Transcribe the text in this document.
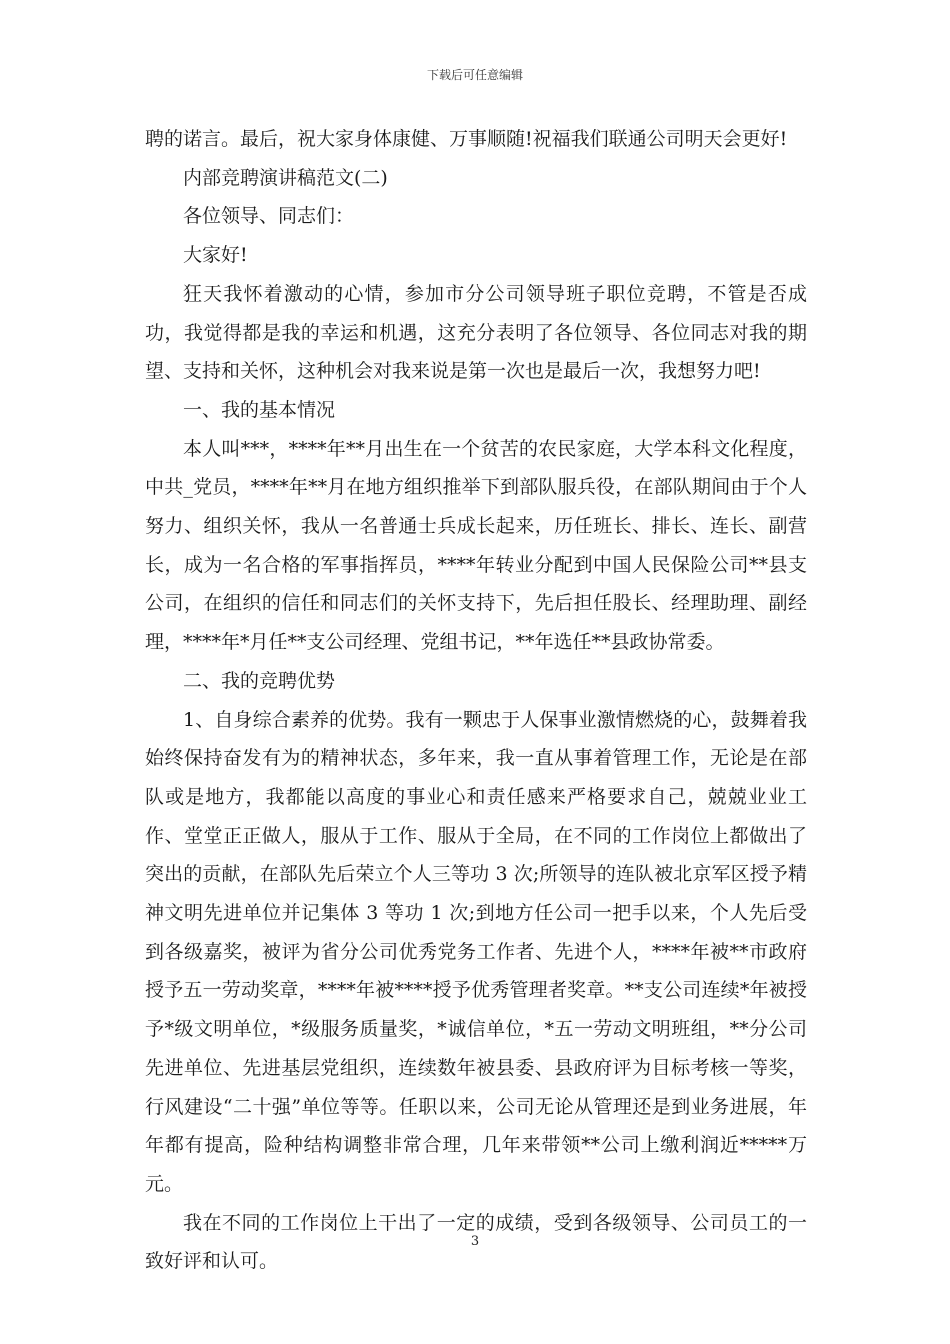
下载后可任意编辑

聘的诺言。最后，祝大家身体康健、万事顺随!祝福我们联通公司明天会更好!

内部竞聘演讲稿范文(二)

各位领导、同志们：

大家好!

狂天我怀着激动的心情，参加市分公司领导班子职位竞聘，不管是否成功，我觉得都是我的幸运和机遇，这充分表明了各位领导、各位同志对我的期望、支持和关怀，这种机会对我来说是第一次也是最后一次，我想努力吧!

一、我的基本情况

本人叫***，****年**月出生在一个贫苦的农民家庭，大学本科文化程度，中共_党员，****年**月在地方组织推举下到部队服兵役，在部队期间由于个人努力、组织关怀，我从一名普通士兵成长起来，历任班长、排长、连长、副营长，成为一名合格的军事指挥员，****年转业分配到中国人民保险公司**县支公司，在组织的信任和同志们的关怀支持下，先后担任股长、经理助理、副经理，****年*月任**支公司经理、党组书记，**年选任**县政协常委。

二、我的竞聘优势

1、自身综合素养的优势。我有一颗忠于人保事业激情燃烧的心，鼓舞着我始终保持奋发有为的精神状态，多年来，我一直从事着管理工作，无论是在部队或是地方，我都能以高度的事业心和责任感来严格要求自己，兢兢业业工作、堂堂正正做人，服从于工作、服从于全局，在不同的工作岗位上都做出了突出的贡献，在部队先后荣立个人三等功 3 次;所领导的连队被北京军区授予精神文明先进单位并记集体 3 等功 1 次;到地方任公司一把手以来，个人先后受到各级嘉奖，被评为省分公司优秀党务工作者、先进个人，****年被**市政府授予五一劳动奖章，****年被****授予优秀管理者奖章。**支公司连续*年被授予*级文明单位，*级服务质量奖，*诚信单位，*五一劳动文明班组，**分公司先进单位、先进基层党组织，连续数年被县委、县政府评为目标考核一等奖，行风建设“二十强”单位等等。任职以来，公司无论从管理还是到业务进展，年年都有提高，险种结构调整非常合理，几年来带领**公司上缴利润近*****万元。

我在不同的工作岗位上干出了一定的成绩，受到各级领导、公司员工的一致好评和认可。

3
